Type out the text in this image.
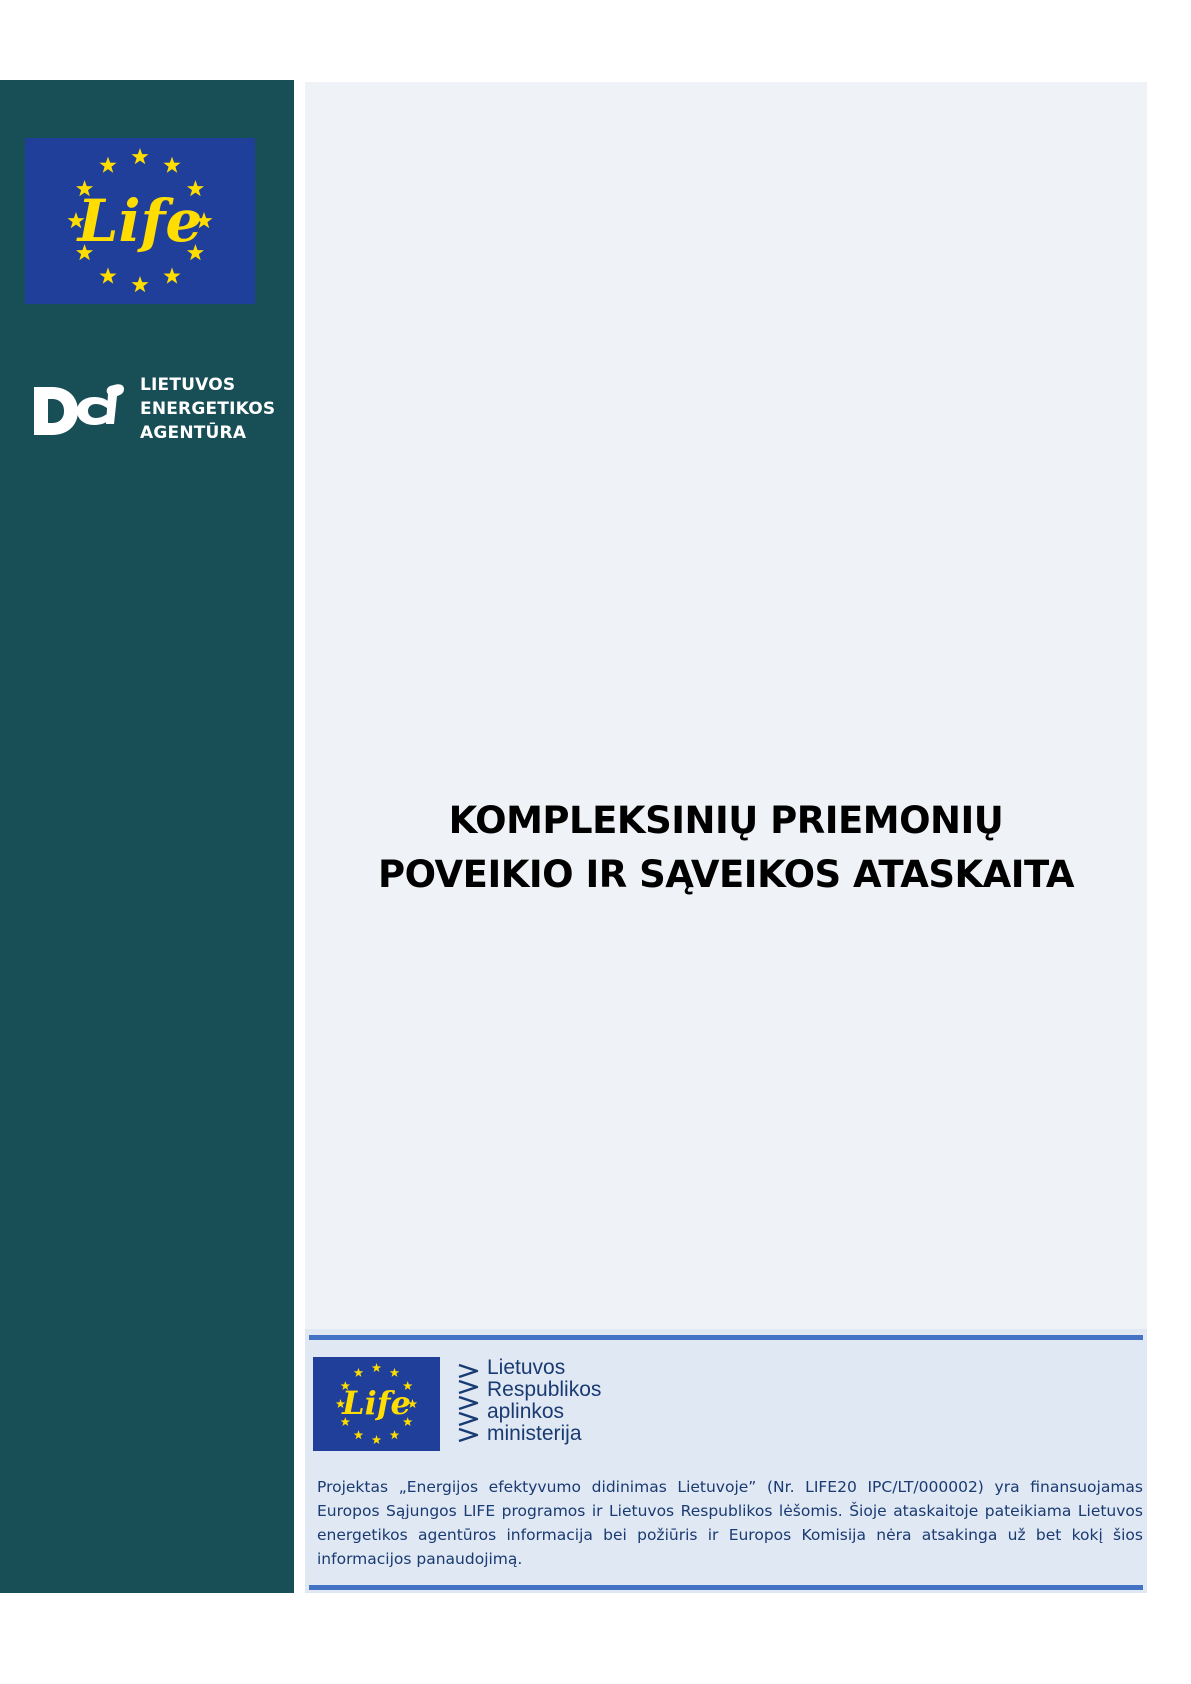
Life
LIETUVOS
ENERGETIKOS
AGENTŪRA
KOMPLEKSINIŲ PRIEMONIŲ
POVEIKIO IR SĄVEIKOS ATASKAITA
Life
Lietuvos
Respublikos
aplinkos
ministerija
Projektas „Energijos efektyvumo didinimas Lietuvoje” (Nr. LIFE20 IPC/LT/000002) yra finansuojamas Europos Sąjungos LIFE programos ir Lietuvos Respublikos lėšomis. Šioje ataskaitoje pateikiama Lietuvos energetikos agentūros informacija bei požiūris ir Europos Komisija nėra atsakinga už bet kokį šios informacijos panaudojimą.
